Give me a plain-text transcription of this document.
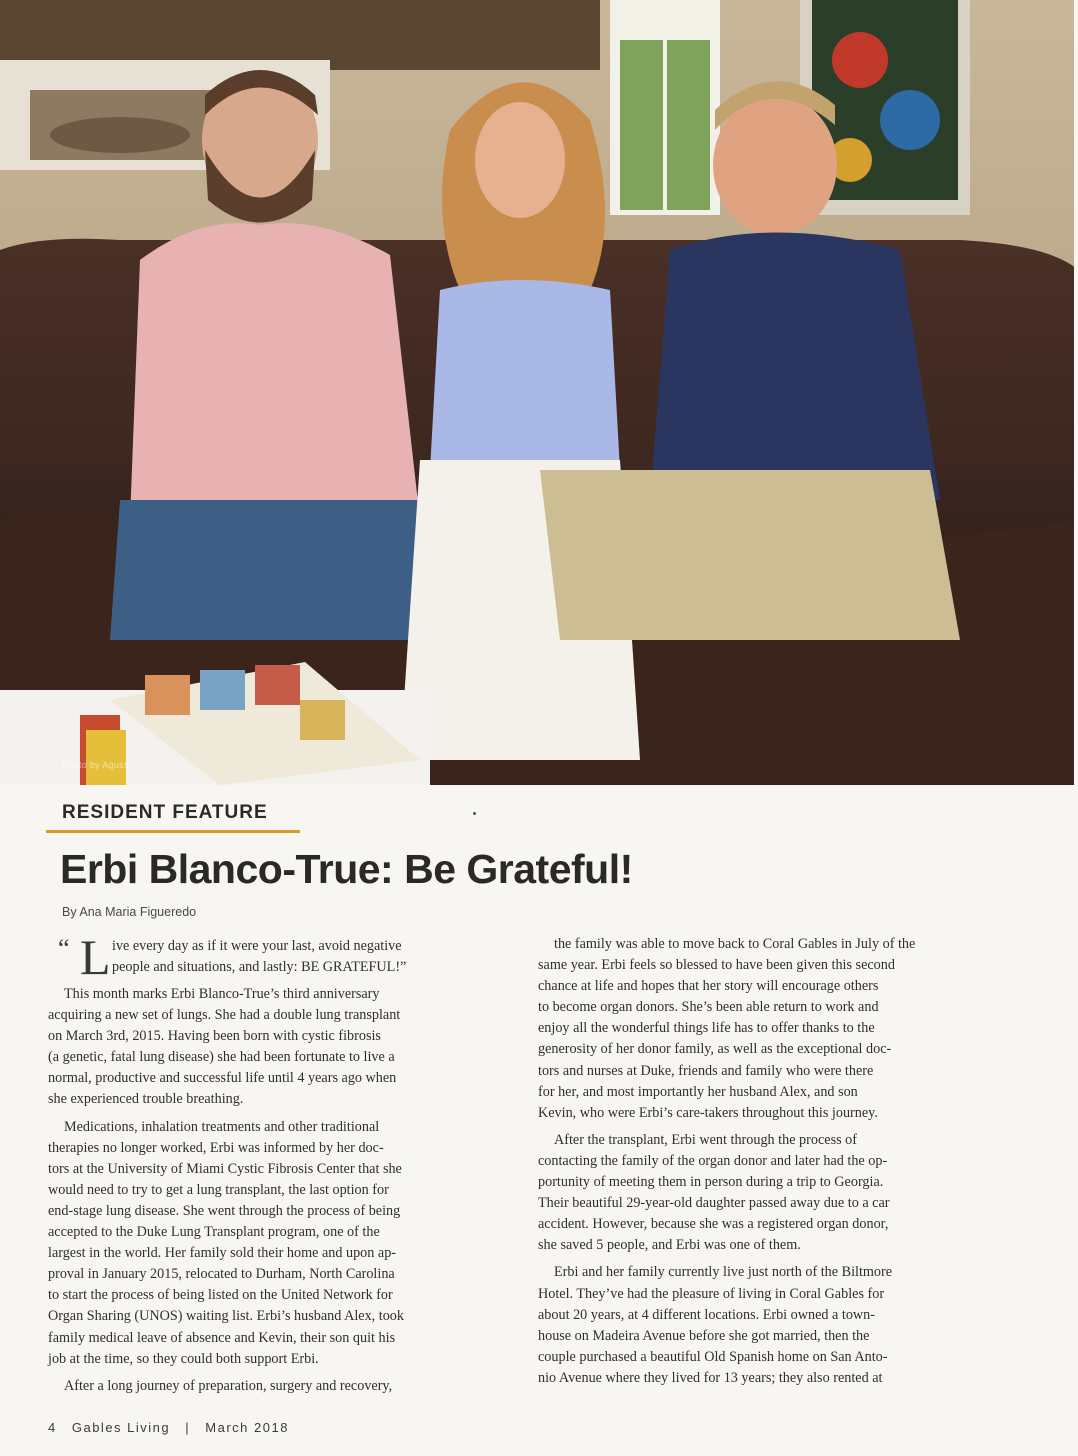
Photo by Agustin
RESIDENT FEATURE
Erbi Blanco-True: Be Grateful!
By Ana Maria Figueredo
“ L ive every day as if it were your last, avoid negative
people and situations, and lastly: BE GRATEFUL!”
This month marks Erbi Blanco-True’s third anniversary
acquiring a new set of lungs. She had a double lung transplant
on March 3rd, 2015. Having been born with cystic fibrosis
(a genetic, fatal lung disease) she had been fortunate to live a
normal, productive and successful life until 4 years ago when
she experienced trouble breathing.
Medications, inhalation treatments and other traditional
therapies no longer worked, Erbi was informed by her doc-
tors at the University of Miami Cystic Fibrosis Center that she
would need to try to get a lung transplant, the last option for
end-stage lung disease. She went through the process of being
accepted to the Duke Lung Transplant program, one of the
largest in the world. Her family sold their home and upon ap-
proval in January 2015, relocated to Durham, North Carolina
to start the process of being listed on the United Network for
Organ Sharing (UNOS) waiting list. Erbi’s husband Alex, took
family medical leave of absence and Kevin, their son quit his
job at the time, so they could both support Erbi.
After a long journey of preparation, surgery and recovery,
the family was able to move back to Coral Gables in July of the
same year. Erbi feels so blessed to have been given this second
chance at life and hopes that her story will encourage others
to become organ donors. She’s been able return to work and
enjoy all the wonderful things life has to offer thanks to the
generosity of her donor family, as well as the exceptional doc-
tors and nurses at Duke, friends and family who were there
for her, and most importantly her husband Alex, and son
Kevin, who were Erbi’s care-takers throughout this journey.
After the transplant, Erbi went through the process of
contacting the family of the organ donor and later had the op-
portunity of meeting them in person during a trip to Georgia.
Their beautiful 29-year-old daughter passed away due to a car
accident. However, because she was a registered organ donor,
she saved 5 people, and Erbi was one of them.
Erbi and her family currently live just north of the Biltmore
Hotel. They’ve had the pleasure of living in Coral Gables for
about 20 years, at 4 different locations. Erbi owned a town-
house on Madeira Avenue before she got married, then the
couple purchased a beautiful Old Spanish home on San Anto-
nio Avenue where they lived for 13 years; they also rented at
4 Gables Living | March 2018
